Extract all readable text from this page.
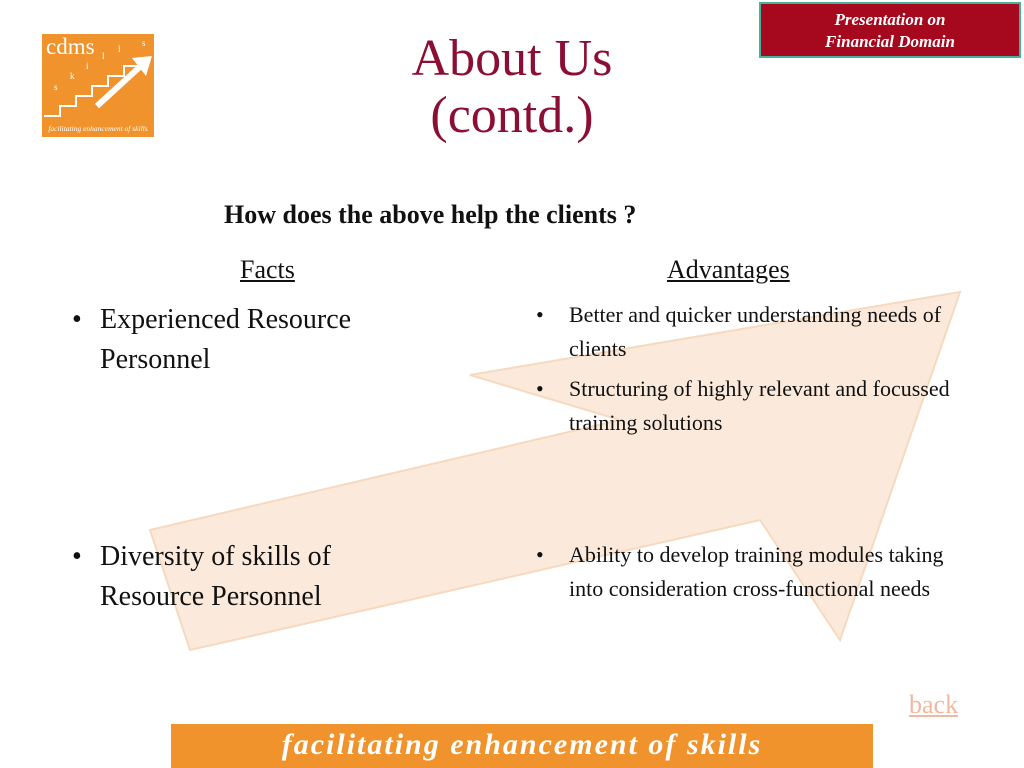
cdms
s
k
i
l
l
s
facilitating enhancement of skills
Presentation on
Financial Domain
About Us
(contd.)
How does the above help the clients ?
Facts	Advantages
• Experienced Resource Personnel
• Diversity of skills of Resource Personnel
• Better and quicker understanding needs of clients
• Structuring of highly relevant and focussed training solutions
• Ability to develop training modules taking into consideration cross-functional needs
back
facilitating enhancement of skills
